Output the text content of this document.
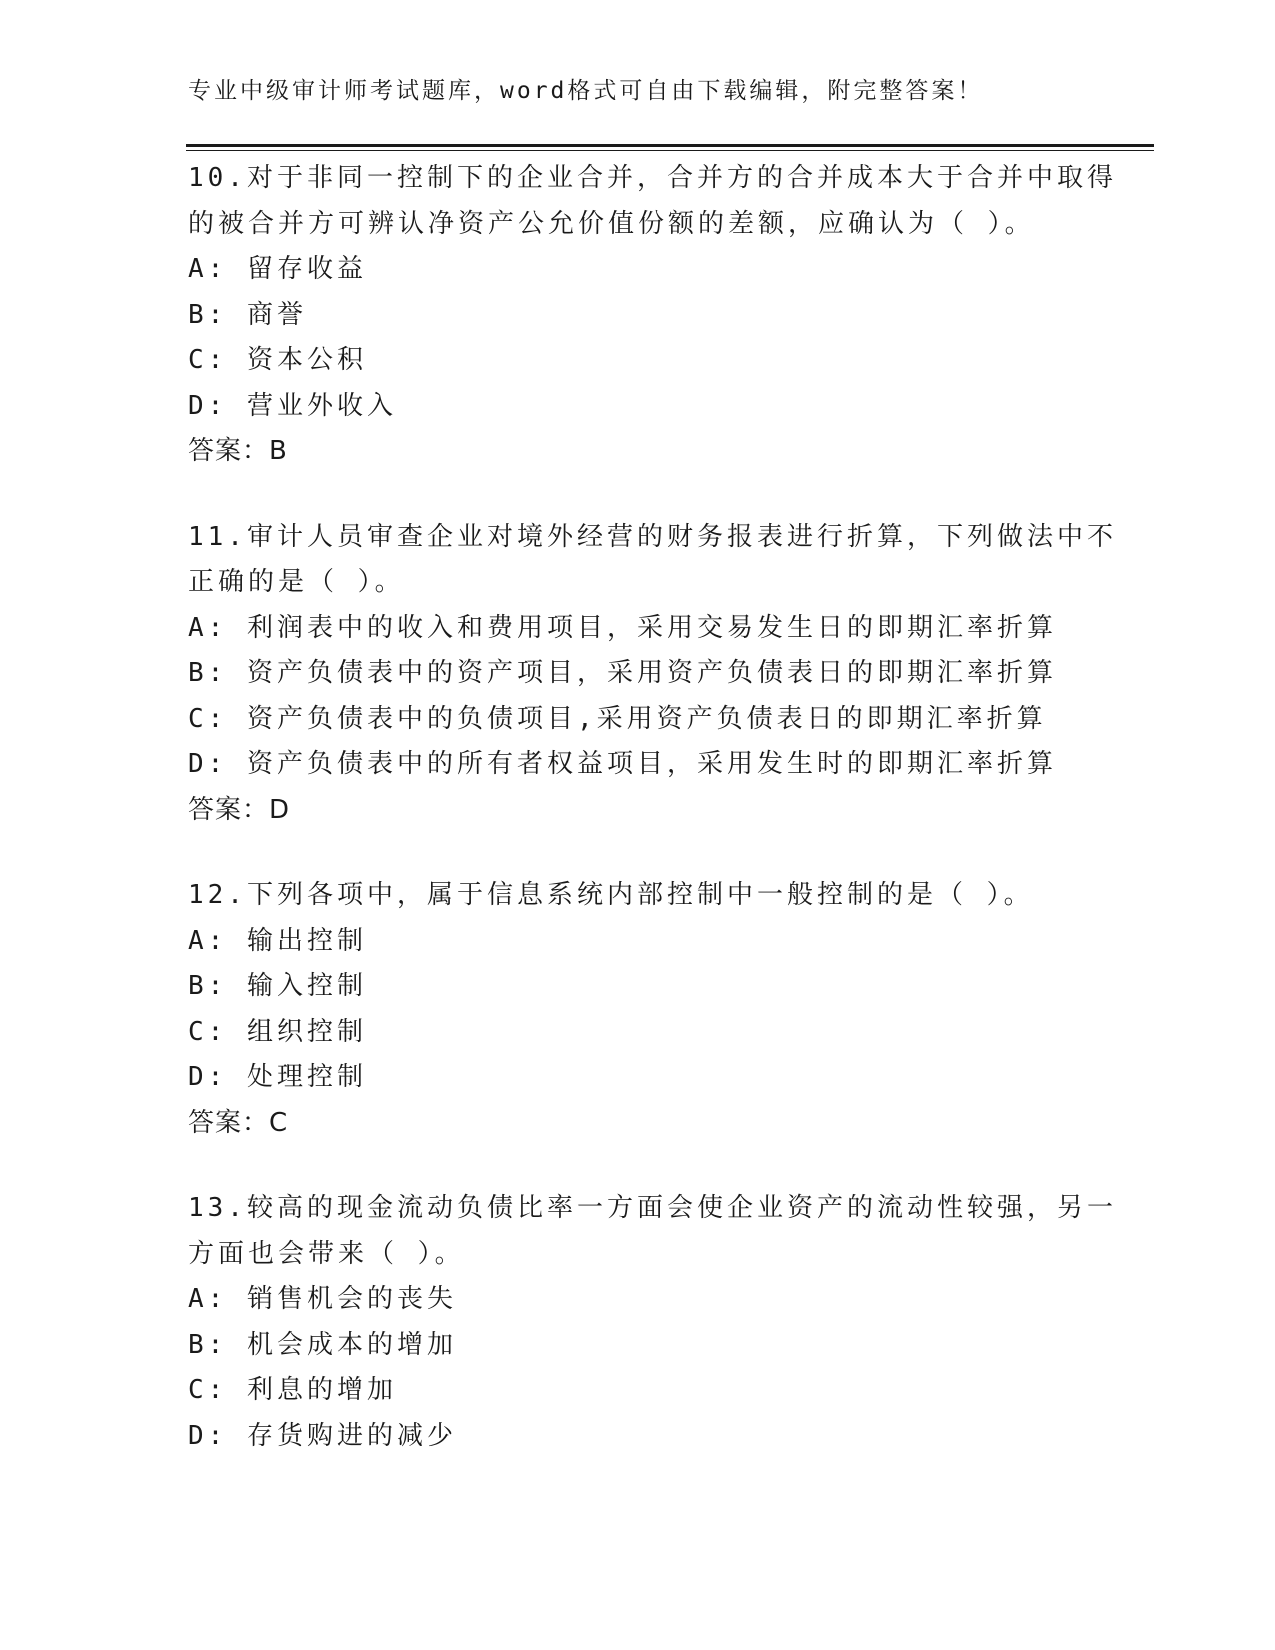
专业中级审计师考试题库，word格式可自由下载编辑，附完整答案！
10.对于非同一控制下的企业合并，合并方的合并成本大于合并中取得
的被合并方可辨认净资产公允价值份额的差额，应确认为（ ）。
A: 留存收益
B: 商誉
C: 资本公积
D: 营业外收入
答案：B
11.审计人员审查企业对境外经营的财务报表进行折算，下列做法中不
正确的是（ ）。
A: 利润表中的收入和费用项目，采用交易发生日的即期汇率折算
B: 资产负债表中的资产项目，采用资产负债表日的即期汇率折算
C: 资产负债表中的负债项目,采用资产负债表日的即期汇率折算
D: 资产负债表中的所有者权益项目，采用发生时的即期汇率折算
答案：D
12.下列各项中，属于信息系统内部控制中一般控制的是（ ）。
A: 输出控制
B: 输入控制
C: 组织控制
D: 处理控制
答案：C
13.较高的现金流动负债比率一方面会使企业资产的流动性较强，另一
方面也会带来（ ）。
A: 销售机会的丧失
B: 机会成本的增加
C: 利息的增加
D: 存货购进的减少
